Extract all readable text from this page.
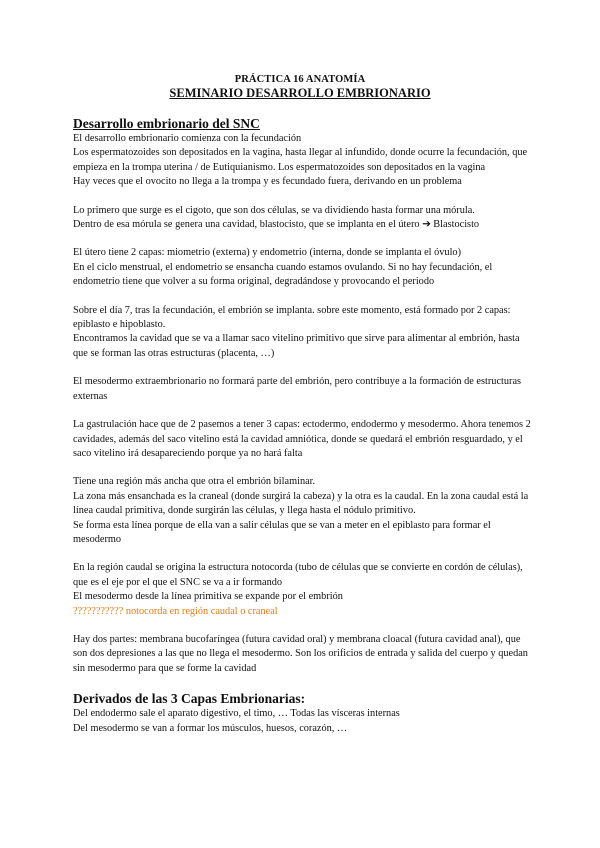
PRÁCTICA 16 ANATOMÍA
SEMINARIO DESARROLLO EMBRIONARIO
Desarrollo embrionario del SNC

El desarrollo embrionario comienza con la fecundación

Los espermatozoides son depositados en la vagina, hasta llegar al infundido, donde ocurre la fecundación, que empieza en la trompa uterina / de Eutiquianismo. Los espermatozoides son depositados en la vagina

Hay veces que el ovocito no llega a la trompa y es fecundado fuera, derivando en un problema

Lo primero que surge es el cigoto, que son dos células, se va dividiendo hasta formar una mórula.

Dentro de esa mórula se genera una cavidad, blastocisto, que se implanta en el útero ➔ Blastocisto

El útero tiene 2 capas: miometrio (externa) y endometrio (interna, donde se implanta el óvulo)

En el ciclo menstrual, el endometrio se ensancha cuando estamos ovulando. Si no hay fecundación, el endometrio tiene que volver a su forma original, degradándose y provocando el periodo

Sobre el día 7, tras la fecundación, el embrión se implanta. sobre este momento, está formado por 2 capas: epiblasto e hipoblasto.

Encontramos la cavidad que se va a llamar saco vitelino primitivo que sirve para alimentar al embrión, hasta que se forman las otras estructuras (placenta, …)

El mesodermo extraembrionario no formará parte del embrión, pero contribuye a la formación de estructuras externas

La gastrulación hace que de 2 pasemos a tener 3 capas: ectodermo, endodermo y mesodermo. Ahora tenemos 2 cavidades, además del saco vitelino está la cavidad amniótica, donde se quedará el embrión resguardado, y el saco vitelino irá desapareciendo porque ya no hará falta

Tiene una región más ancha que otra el embrión bilaminar.

La zona más ensanchada es la craneal (donde surgirá la cabeza) y la otra es la caudal. En la zona caudal está la línea caudal primitiva, donde surgirán las células, y llega hasta el nódulo primitivo.

Se forma esta línea porque de ella van a salir células que se van a meter en el epiblasto para formar el mesodermo

En la región caudal se origina la estructura notocorda (tubo de células que se convierte en cordón de células), que es el eje por el que el SNC se va a ir formando

El mesodermo desde la línea primitiva se expande por el embrión

??????????? notocorda en región caudal o craneal

Hay dos partes: membrana bucofaríngea (futura cavidad oral) y membrana cloacal (futura cavidad anal), que son dos depresiones a las que no llega el mesodermo. Son los orificios de entrada y salida del cuerpo y quedan sin mesodermo para que se forme la cavidad

Derivados de las 3 Capas Embrionarias:

Del endodermo sale el aparato digestivo, el timo, … Todas las vísceras internas

Del mesodermo se van a formar los músculos, huesos, corazón, …
